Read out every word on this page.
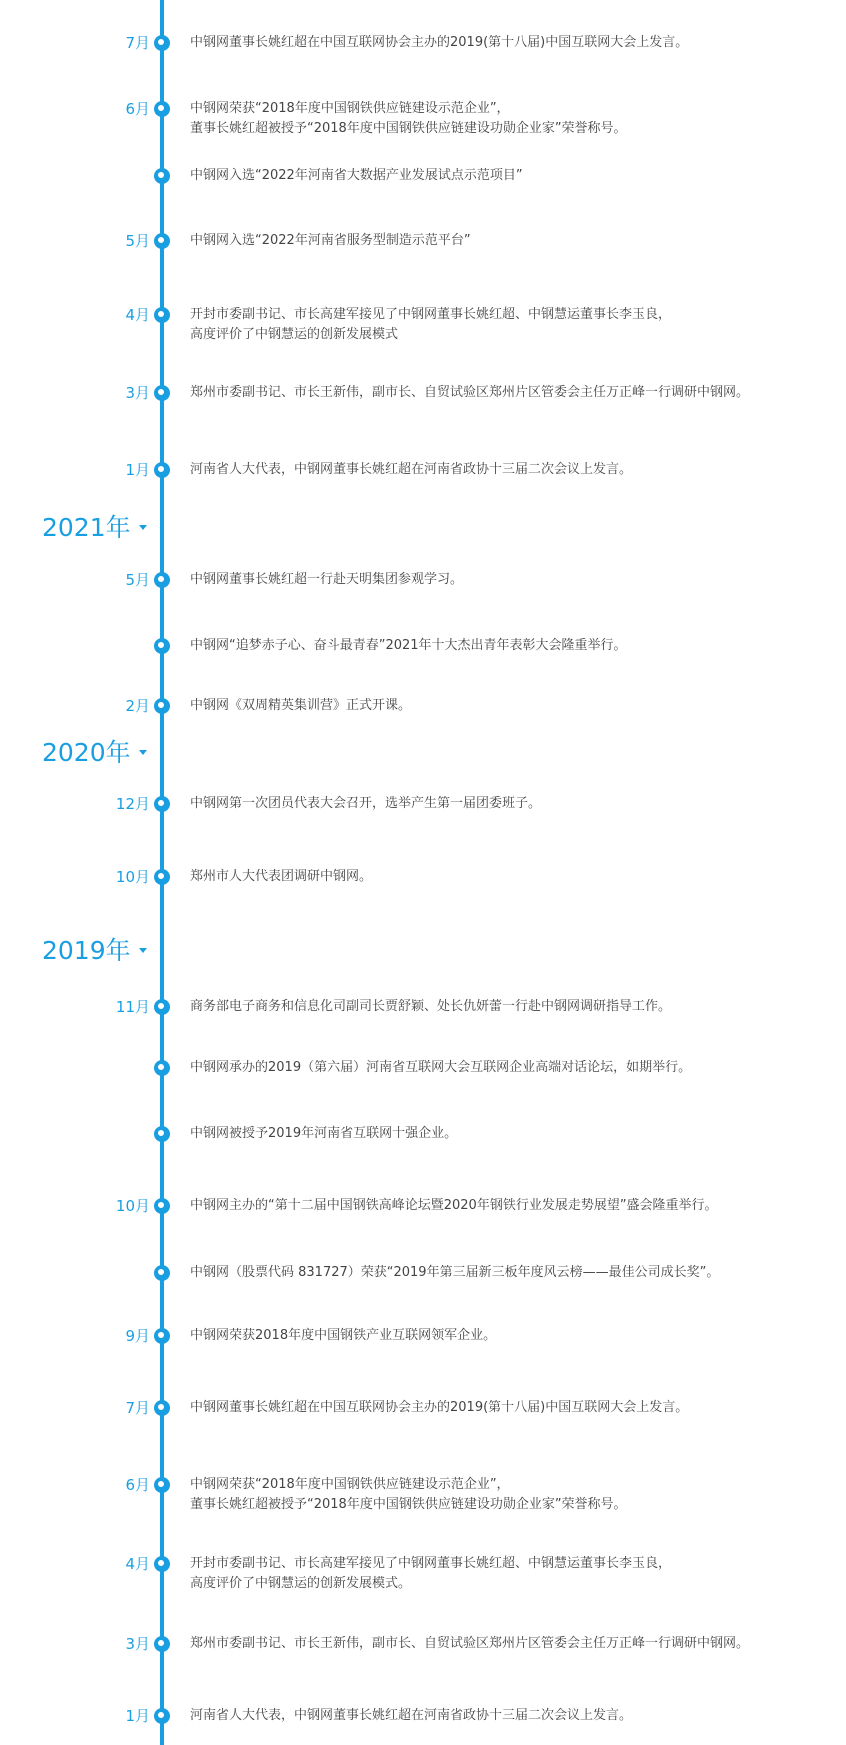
7月	中钢网董事长姚红超在中国互联网协会主办的2019(第十八届)中国互联网大会上发言。
6月	中钢网荣获“2018年度中国钢铁供应链建设示范企业”，
董事长姚红超被授予“2018年度中国钢铁供应链建设功勋企业家”荣誉称号。
中钢网入选“2022年河南省大数据产业发展试点示范项目”
5月	中钢网入选“2022年河南省服务型制造示范平台”
4月	开封市委副书记、市长高建军接见了中钢网董事长姚红超、中钢慧运董事长李玉良，
高度评价了中钢慧运的创新发展模式
3月	郑州市委副书记、市长王新伟，副市长、自贸试验区郑州片区管委会主任万正峰一行调研中钢网。
1月	河南省人大代表，中钢网董事长姚红超在河南省政协十三届二次会议上发言。
2021年
5月	中钢网董事长姚红超一行赴天明集团参观学习。
中钢网“追梦赤子心、奋斗最青春”2021年十大杰出青年表彰大会隆重举行。
2月	中钢网《双周精英集训营》正式开课。
2020年
12月	中钢网第一次团员代表大会召开，选举产生第一届团委班子。
10月	郑州市人大代表团调研中钢网。
2019年
11月	商务部电子商务和信息化司副司长贾舒颖、处长仇妍蕾一行赴中钢网调研指导工作。
中钢网承办的2019（第六届）河南省互联网大会互联网企业高端对话论坛，如期举行。
中钢网被授予2019年河南省互联网十强企业。
10月	中钢网主办的“第十二届中国钢铁高峰论坛暨2020年钢铁行业发展走势展望”盛会隆重举行。
中钢网（股票代码 831727）荣获“2019年第三届新三板年度风云榜——最佳公司成长奖”。
9月	中钢网荣获2018年度中国钢铁产业互联网领军企业。
7月	中钢网董事长姚红超在中国互联网协会主办的2019(第十八届)中国互联网大会上发言。
6月	中钢网荣获“2018年度中国钢铁供应链建设示范企业”，
董事长姚红超被授予“2018年度中国钢铁供应链建设功勋企业家”荣誉称号。
4月	开封市委副书记、市长高建军接见了中钢网董事长姚红超、中钢慧运董事长李玉良，
高度评价了中钢慧运的创新发展模式。
3月	郑州市委副书记、市长王新伟，副市长、自贸试验区郑州片区管委会主任万正峰一行调研中钢网。
1月	河南省人大代表，中钢网董事长姚红超在河南省政协十三届二次会议上发言。
